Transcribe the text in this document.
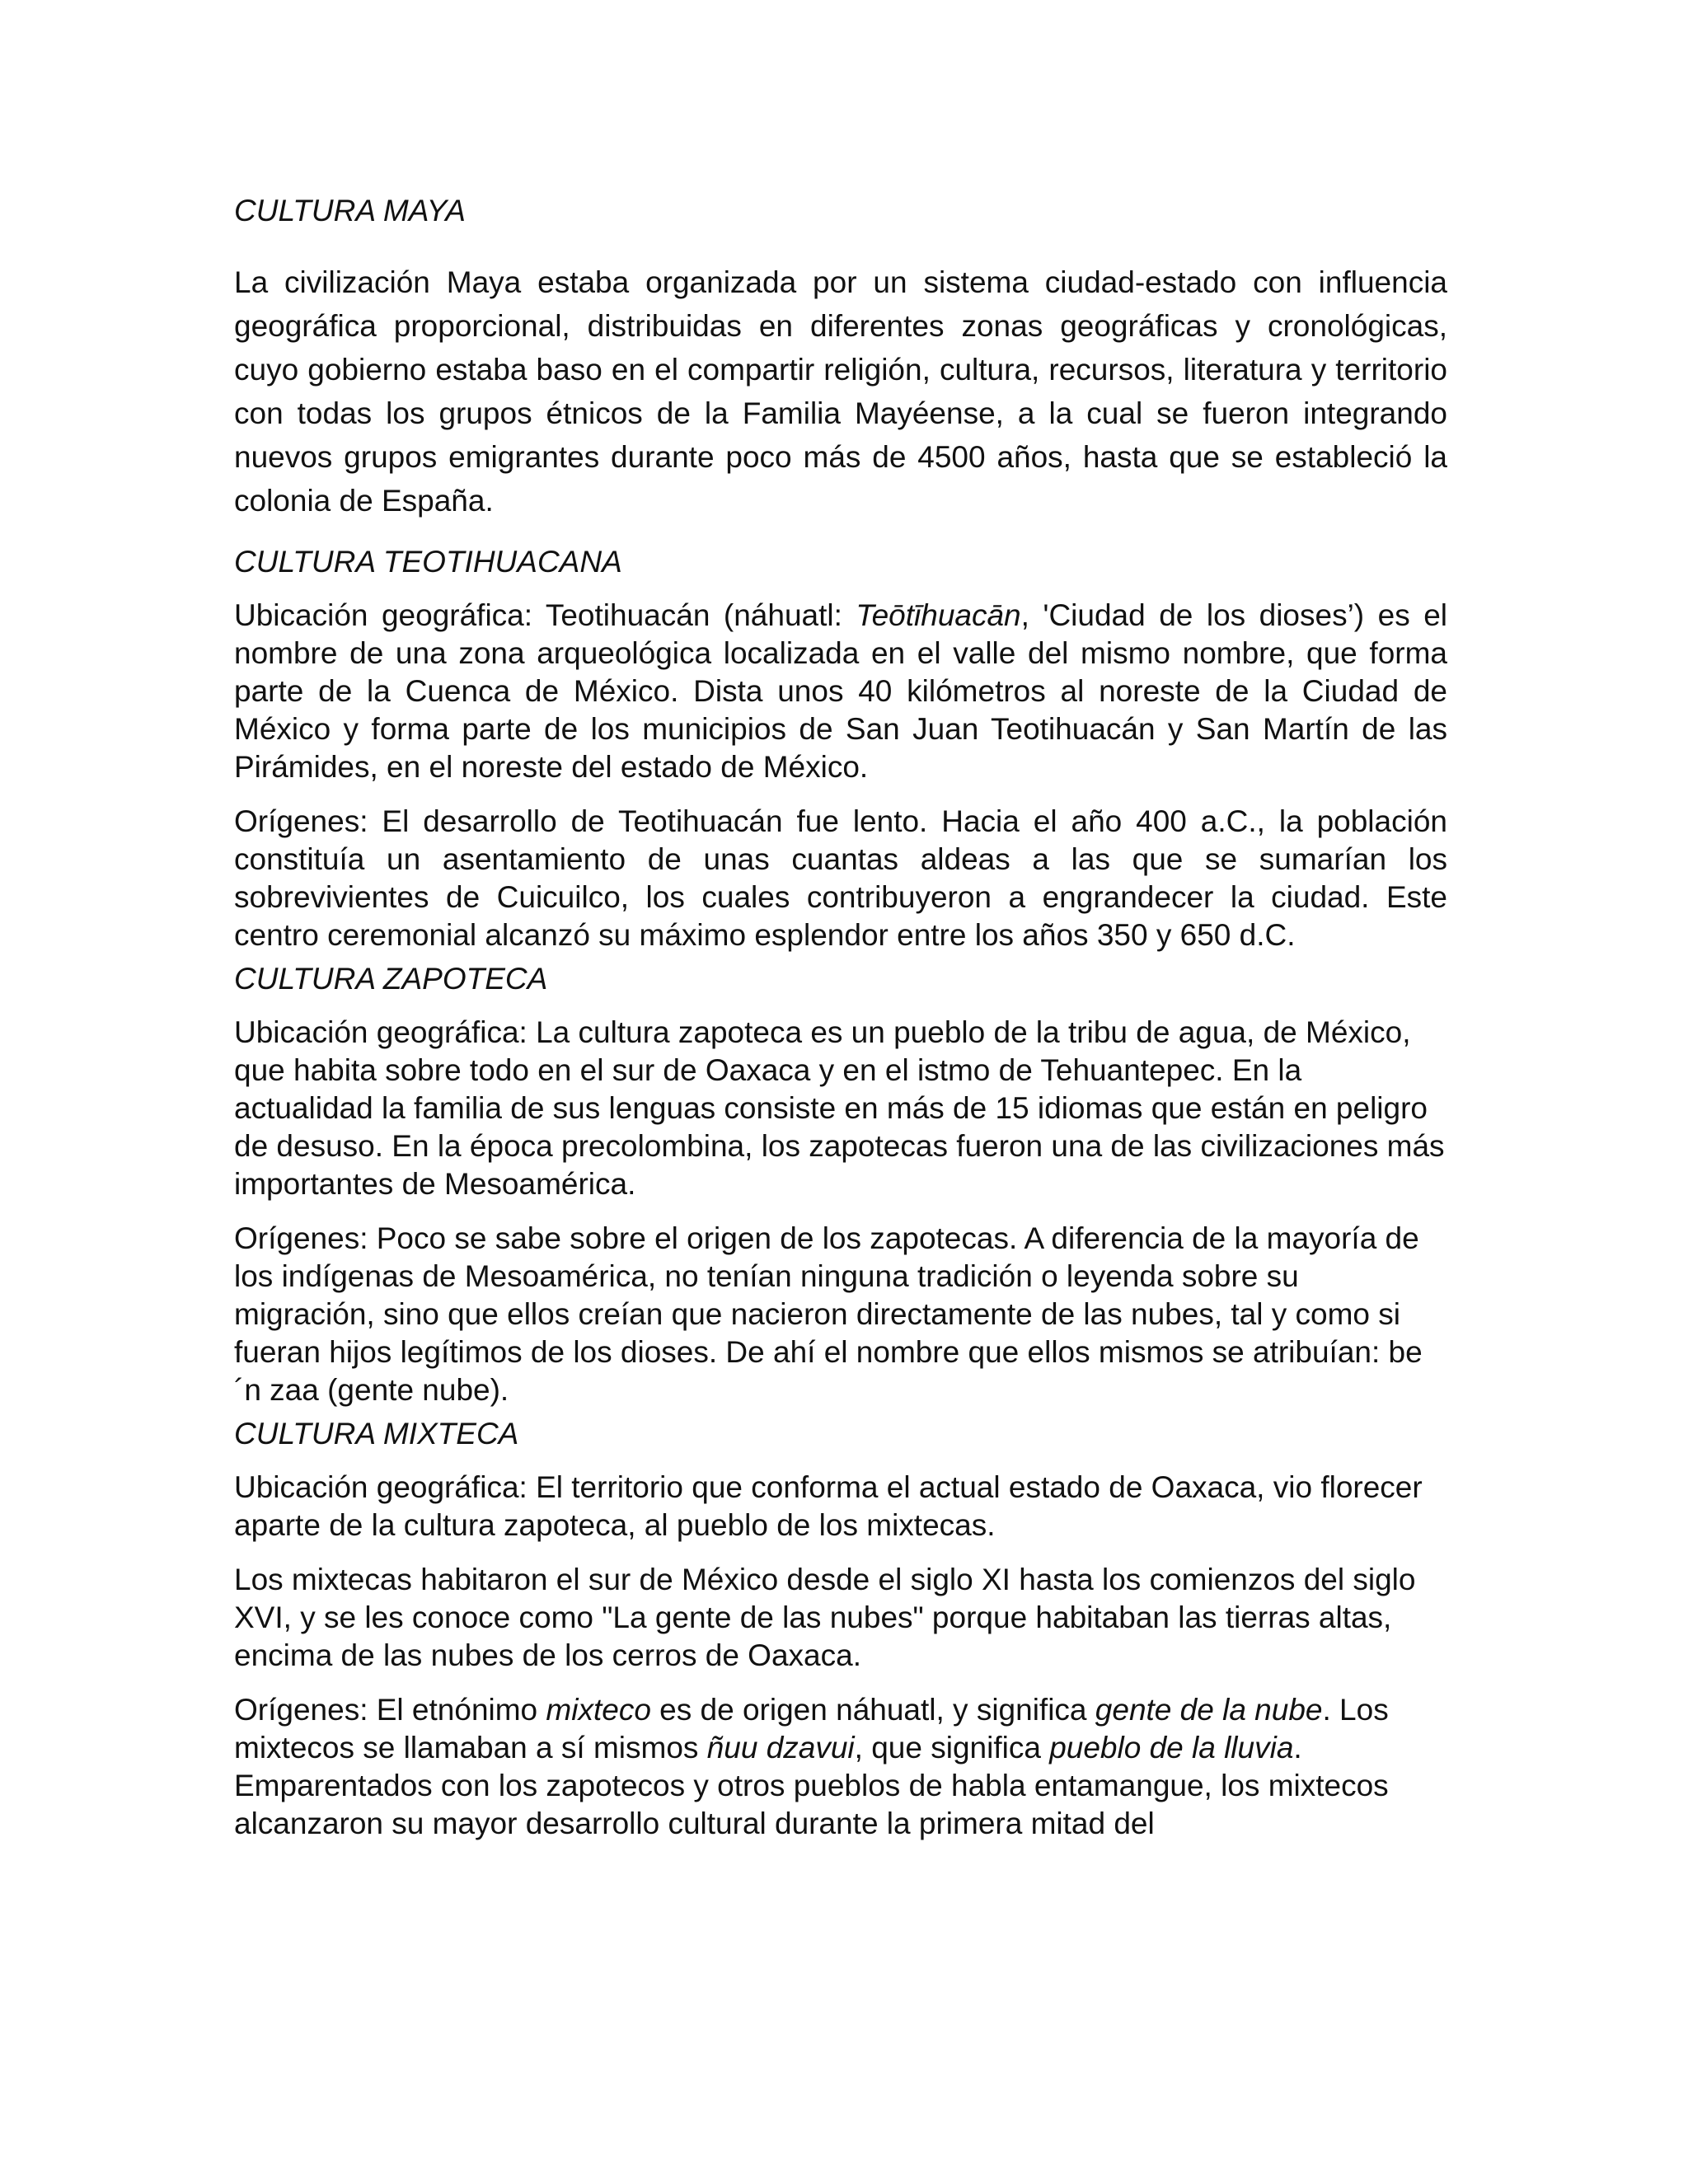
CULTURA MAYA

La civilización Maya estaba organizada por un sistema ciudad-estado con influencia geográfica proporcional, distribuidas en diferentes zonas geográficas y cronológicas, cuyo gobierno estaba baso en el compartir religión, cultura, recursos, literatura y territorio con todas los grupos étnicos de la Familia Mayéense, a la cual se fueron integrando nuevos grupos emigrantes durante poco más de 4500 años, hasta que se estableció la colonia de España.

CULTURA TEOTIHUACANA

Ubicación geográfica: Teotihuacán (náhuatl: Teōtīhuacān, 'Ciudad de los dioses’) es el nombre de una zona arqueológica localizada en el valle del mismo nombre, que forma parte de la Cuenca de México. Dista unos 40 kilómetros al noreste de la Ciudad de México y forma parte de los municipios de San Juan Teotihuacán y San Martín de las Pirámides, en el noreste del estado de México.

Orígenes: El desarrollo de Teotihuacán fue lento. Hacia el año 400 a.C., la población constituía un asentamiento de unas cuantas aldeas a las que se sumarían los sobrevivientes de Cuicuilco, los cuales contribuyeron a engrandecer la ciudad. Este centro ceremonial alcanzó su máximo esplendor entre los años 350 y 650 d.C.

CULTURA ZAPOTECA

Ubicación geográfica: La cultura zapoteca es un pueblo de la tribu de agua, de México, que habita sobre todo en el sur de Oaxaca y en el istmo de Tehuantepec. En la actualidad la familia de sus lenguas consiste en más de 15 idiomas que están en peligro de desuso. En la época precolombina, los zapotecas fueron una de las civilizaciones más importantes de Mesoamérica.

Orígenes: Poco se sabe sobre el origen de los zapotecas. A diferencia de la mayoría de los indígenas de Mesoamérica, no tenían ninguna tradición o leyenda sobre su migración, sino que ellos creían que nacieron directamente de las nubes, tal y como si fueran hijos legítimos de los dioses. De ahí el nombre que ellos mismos se atribuían: be´n zaa (gente nube).

CULTURA MIXTECA

Ubicación geográfica: El territorio que conforma el actual estado de Oaxaca, vio florecer aparte de la cultura zapoteca, al pueblo de los mixtecas.

Los mixtecas habitaron el sur de México desde el siglo XI hasta los comienzos del siglo XVI, y se les conoce como "La gente de las nubes" porque habitaban las tierras altas, encima de las nubes de los cerros de Oaxaca.

Orígenes: El etnónimo mixteco es de origen náhuatl, y significa gente de la nube. Los mixtecos se llamaban a sí mismos ñuu dzavui, que significa pueblo de la lluvia. Emparentados con los zapotecos y otros pueblos de habla entamangue, los mixtecos alcanzaron su mayor desarrollo cultural durante la primera mitad del
